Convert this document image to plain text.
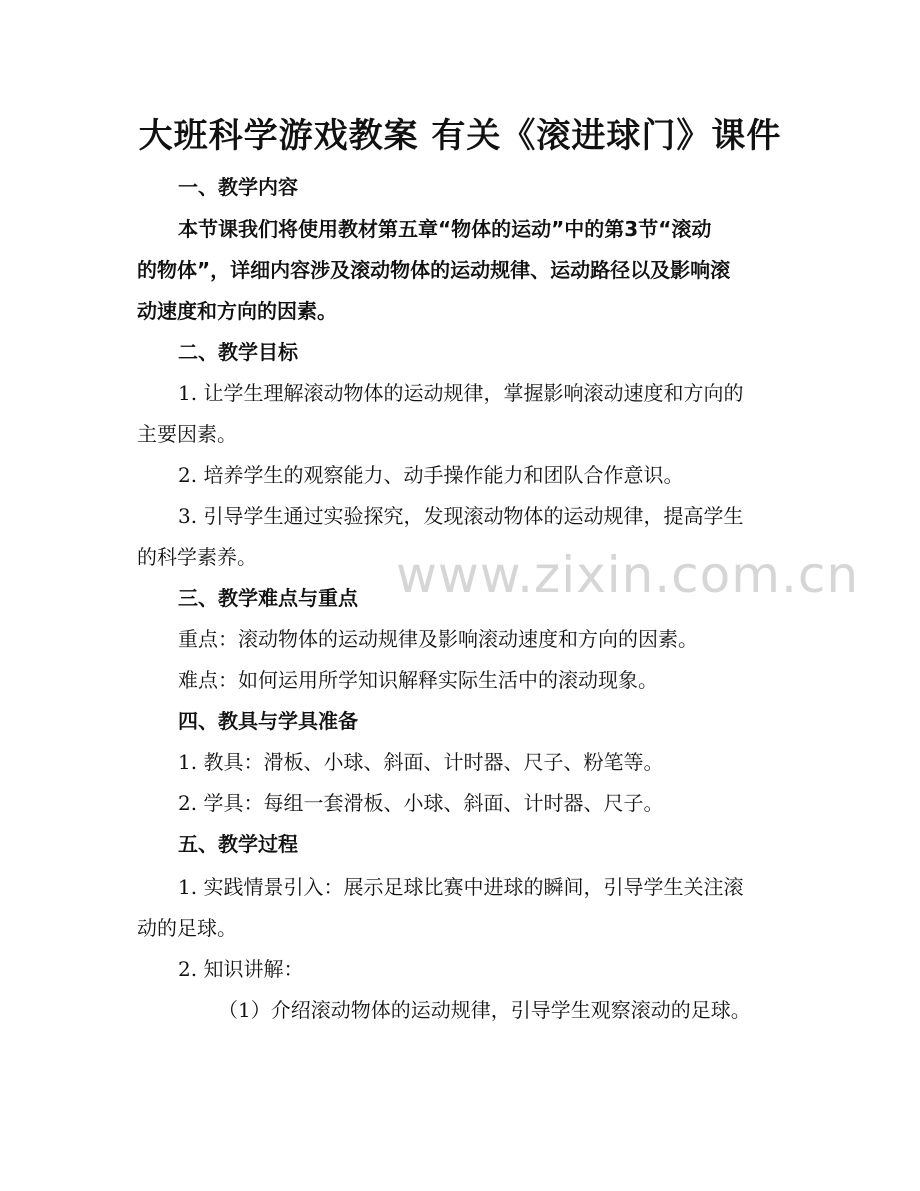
大班科学游戏教案 有关《滚进球门》课件
www.zixin.com.cn

一、教学内容

本节课我们将使用教材第五章“物体的运动”中的第3节“滚动

的物体”，详细内容涉及滚动物体的运动规律、运动路径以及影响滚

动速度和方向的因素。

二、教学目标

1. 让学生理解滚动物体的运动规律，掌握影响滚动速度和方向的

主要因素。

2. 培养学生的观察能力、动手操作能力和团队合作意识。

3. 引导学生通过实验探究，发现滚动物体的运动规律，提高学生

的科学素养。

三、教学难点与重点

重点：滚动物体的运动规律及影响滚动速度和方向的因素。

难点：如何运用所学知识解释实际生活中的滚动现象。

四、教具与学具准备

1. 教具：滑板、小球、斜面、计时器、尺子、粉笔等。

2. 学具：每组一套滑板、小球、斜面、计时器、尺子。

五、教学过程

1. 实践情景引入：展示足球比赛中进球的瞬间，引导学生关注滚

动的足球。

2. 知识讲解：

（1）介绍滚动物体的运动规律，引导学生观察滚动的足球。
